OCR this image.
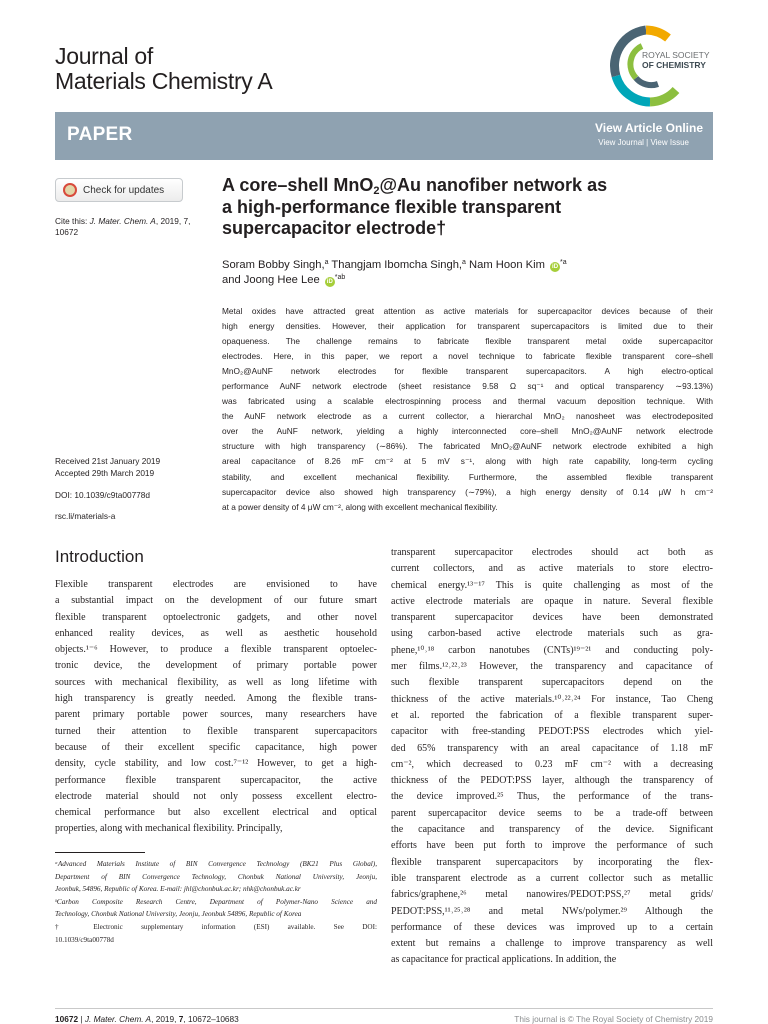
Journal of
Materials Chemistry A
ROYAL SOCIETY
OF CHEMISTRY
PAPER	View Article Online
View Journal | View Issue
Check for updates
Cite this: J. Mater. Chem. A, 2019, 7,
10672
Received 21st January 2019
Accepted 29th March 2019
DOI: 10.1039/c9ta00778d
rsc.li/materials-a
A core–shell MnO$_2$@Au nanofiber network as
a high-performance flexible transparent
supercapacitor electrode†
Soram Bobby Singh,$^a$ Thangjam Ibomcha Singh,$^a$ Nam Hoon Kim $iD^{*a}$
and Joong Hee Lee $iD^{*ab}$
Metal oxides have attracted great attention as active materials for supercapacitor devices because of their
high energy densities. However, their application for transparent supercapacitors is limited due to their
opaqueness. The challenge remains to fabricate flexible transparent metal oxide supercapacitor
electrodes. Here, in this paper, we report a novel technique to fabricate flexible transparent core–shell
MnO₂@AuNF network electrodes for flexible transparent supercapacitors. A high electro-optical
performance AuNF network electrode (sheet resistance 9.58 Ω sq⁻¹ and optical transparency ∼93.13%)
was fabricated using a scalable electrospinning process and thermal vacuum deposition technique. With
the AuNF network electrode as a current collector, a hierarchal MnO₂ nanosheet was electrodeposited
over the AuNF network, yielding a highly interconnected core–shell MnO₂@AuNF network electrode
structure with high transparency (∼86%). The fabricated MnO₂@AuNF network electrode exhibited a high
areal capacitance of 8.26 mF cm⁻² at 5 mV s⁻¹, along with high rate capability, long-term cycling
stability, and excellent mechanical flexibility. Furthermore, the assembled flexible transparent
supercapacitor device also showed high transparency (∼79%), a high energy density of 0.14 μW h cm⁻²
at a power density of 4 μW cm⁻², along with excellent mechanical flexibility.
Introduction
Flexible transparent electrodes are envisioned to have
a substantial impact on the development of our future smart
flexible transparent optoelectronic gadgets, and other novel
enhanced reality devices, as well as aesthetic household
objects.¹⁻⁶ However, to produce a flexible transparent optoelec-
tronic device, the development of primary portable power
sources with mechanical flexibility, as well as long lifetime with
high transparency is greatly needed. Among the flexible trans-
parent primary portable power sources, many researchers have
turned their attention to flexible transparent supercapacitors
because of their excellent specific capacitance, high power
density, cycle stability, and low cost.⁷⁻¹² However, to get a high-
performance flexible transparent supercapacitor, the active
electrode material should not only possess excellent electro-
chemical performance but also excellent electrical and optical
properties, along with mechanical flexibility. Principally,
transparent supercapacitor electrodes should act both as
current collectors, and as active materials to store electro-
chemical energy.¹³⁻¹⁷ This is quite challenging as most of the
active electrode materials are opaque in nature. Several flexible
transparent supercapacitor devices have been demonstrated
using carbon-based active electrode materials such as gra-
phene,¹⁰˒¹⁸ carbon nanotubes (CNTs)¹⁹⁻²¹ and conducting poly-
mer films.¹²˒²²˒²³ However, the transparency and capacitance of
such flexible transparent supercapacitors depend on the
thickness of the active materials.¹⁰˒²²˒²⁴ For instance, Tao Cheng
et al. reported the fabrication of a flexible transparent super-
capacitor with free-standing PEDOT:PSS electrodes which yiel-
ded 65% transparency with an areal capacitance of 1.18 mF
cm⁻², which decreased to 0.23 mF cm⁻² with a decreasing
thickness of the PEDOT:PSS layer, although the transparency of
the device improved.²⁵ Thus, the performance of the trans-
parent supercapacitor device seems to be a trade-off between
the capacitance and transparency of the device. Significant
efforts have been put forth to improve the performance of such
flexible transparent supercapacitors by incorporating the flex-
ible transparent electrode as a current collector such as metallic
fabrics/graphene,²⁶ metal nanowires/PEDOT:PSS,²⁷ metal grids/
PEDOT:PSS,¹¹˒²⁵˒²⁸ and metal NWs/polymer.²⁹ Although the
performance of these devices was improved up to a certain
extent but remains a challenge to improve transparency as well
as capacitance for practical applications. In addition, the
ᵃAdvanced Materials Institute of BIN Convergence Technology (BK21 Plus Global),
Department of BIN Convergence Technology, Chonbuk National University, Jeonju,
Jeonbuk, 54896, Republic of Korea. E-mail: jhl@chonbuk.ac.kr; nhk@chonbuk.ac.kr
ᵇCarbon Composite Research Centre, Department of Polymer-Nano Science and
Technology, Chonbuk National University, Jeonju, Jeonbuk 54896, Republic of Korea
† Electronic supplementary information (ESI) available. See DOI:
10.1039/c9ta00778d
10672 | J. Mater. Chem. A, 2019, 7, 10672–10683	This journal is © The Royal Society of Chemistry 2019
